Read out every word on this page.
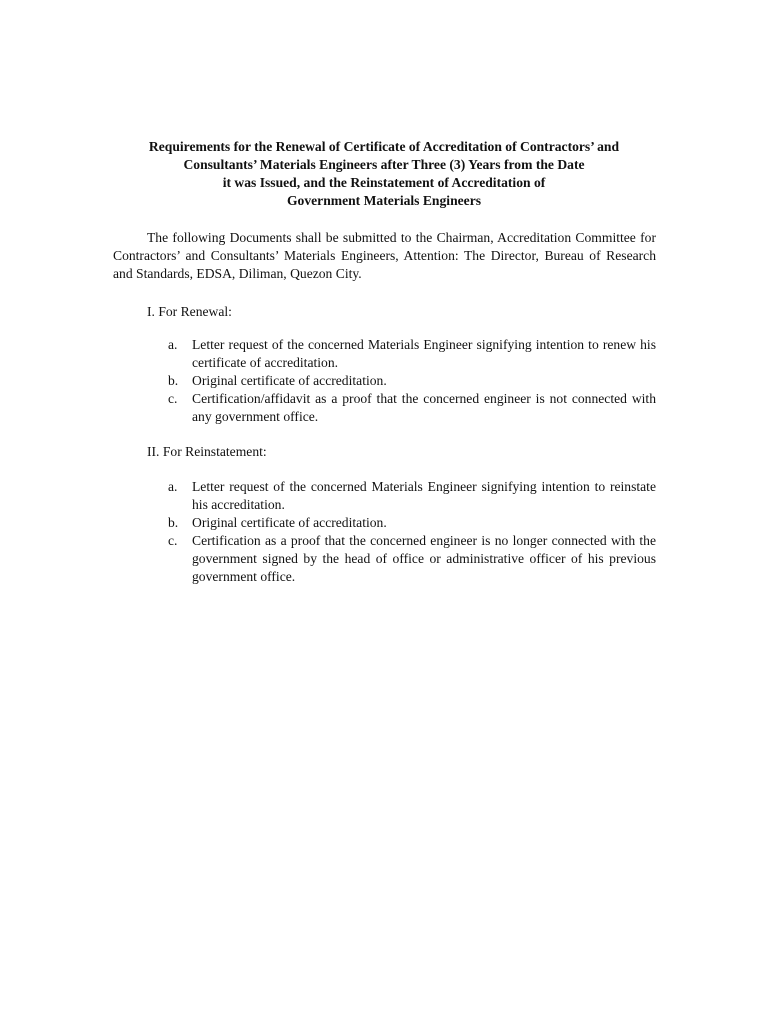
Requirements for the Renewal of Certificate of Accreditation of Contractors’ and
Consultants’ Materials Engineers after Three (3) Years from the Date
it was Issued, and the Reinstatement of Accreditation of
Government Materials Engineers

The following Documents shall be submitted to the Chairman, Accreditation Committee for Contractors’ and Consultants’ Materials Engineers, Attention: The Director, Bureau of Research and Standards, EDSA, Diliman, Quezon City.

I. For Renewal:
a. Letter request of the concerned Materials Engineer signifying intention to renew his certificate of accreditation.
b. Original certificate of accreditation.
c. Certification/affidavit as a proof that the concerned engineer is not connected with any government office.
II. For Reinstatement:
a. Letter request of the concerned Materials Engineer signifying intention to reinstate his accreditation.
b. Original certificate of accreditation.
c. Certification as a proof that the concerned engineer is no longer connected with the government signed by the head of office or administrative officer of his previous government office.
